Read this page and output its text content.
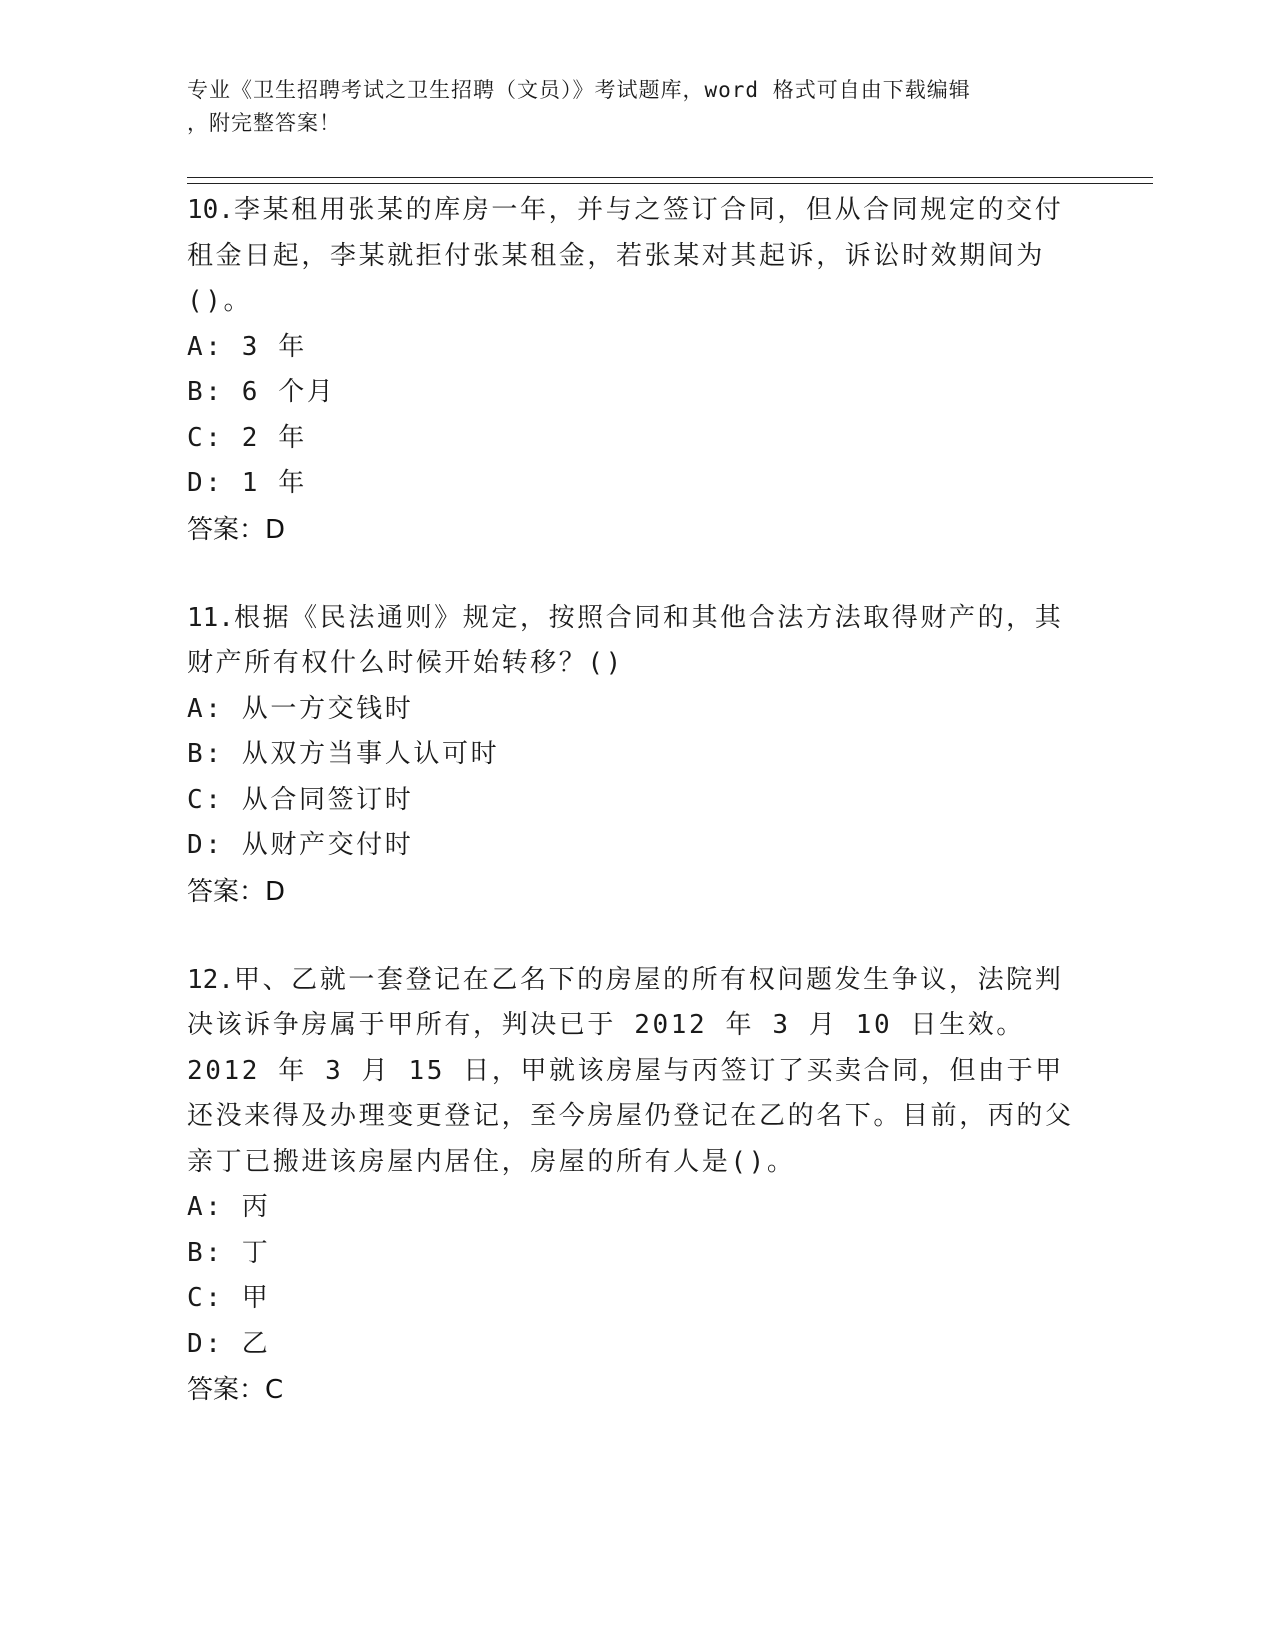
专业《卫生招聘考试之卫生招聘（文员）》考试题库，word 格式可自由下载编辑
，附完整答案！

10.李某租用张某的库房一年，并与之签订合同，但从合同规定的交付租金日起，李某就拒付张某租金，若张某对其起诉，诉讼时效期间为()。

A: 3 年
B: 6 个月
C: 2 年
D: 1 年
答案：D

11.根据《民法通则》规定，按照合同和其他合法方法取得财产的，其财产所有权什么时候开始转移？()

A: 从一方交钱时
B: 从双方当事人认可时
C: 从合同签订时
D: 从财产交付时
答案：D

12.甲、乙就一套登记在乙名下的房屋的所有权问题发生争议，法院判决该诉争房属于甲所有，判决已于 2012 年 3 月 10 日生效。2012 年 3 月 15 日，甲就该房屋与丙签订了买卖合同，但由于甲还没来得及办理变更登记，至今房屋仍登记在乙的名下。目前，丙的父亲丁已搬进该房屋内居住，房屋的所有人是()。

A: 丙
B: 丁
C: 甲
D: 乙
答案：C
